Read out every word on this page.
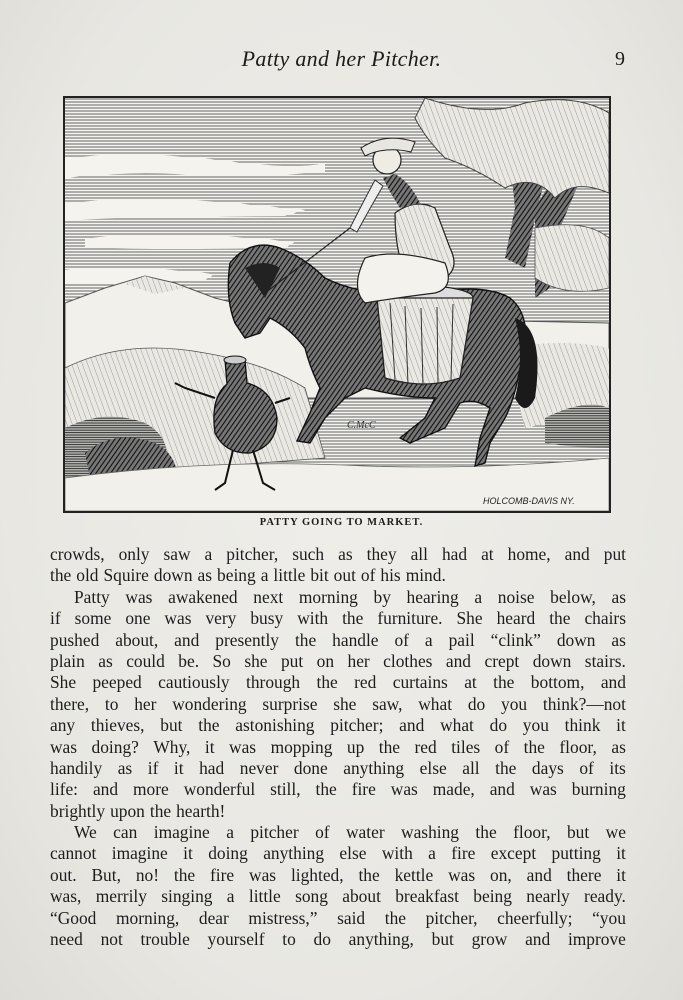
Patty and her Pitcher.	9
C.McC
HOLCOMB-DAVIS NY.
PATTY GOING TO MARKET.
crowds, only saw a pitcher, such as they all had at home, and put
the old Squire down as being a little bit out of his mind.
Patty was awakened next morning by hearing a noise below, as
if some one was very busy with the furniture. She heard the chairs
pushed about, and presently the handle of a pail “clink” down as
plain as could be. So she put on her clothes and crept down stairs.
She peeped cautiously through the red curtains at the bottom, and
there, to her wondering surprise she saw, what do you think?—not
any thieves, but the astonishing pitcher; and what do you think it
was doing? Why, it was mopping up the red tiles of the floor, as
handily as if it had never done anything else all the days of its
life: and more wonderful still, the fire was made, and was burning
brightly upon the hearth!
We can imagine a pitcher of water washing the floor, but we
cannot imagine it doing anything else with a fire except putting it
out. But, no! the fire was lighted, the kettle was on, and there it
was, merrily singing a little song about breakfast being nearly ready.
“Good morning, dear mistress,” said the pitcher, cheerfully; “you
need not trouble yourself to do anything, but grow and improve
